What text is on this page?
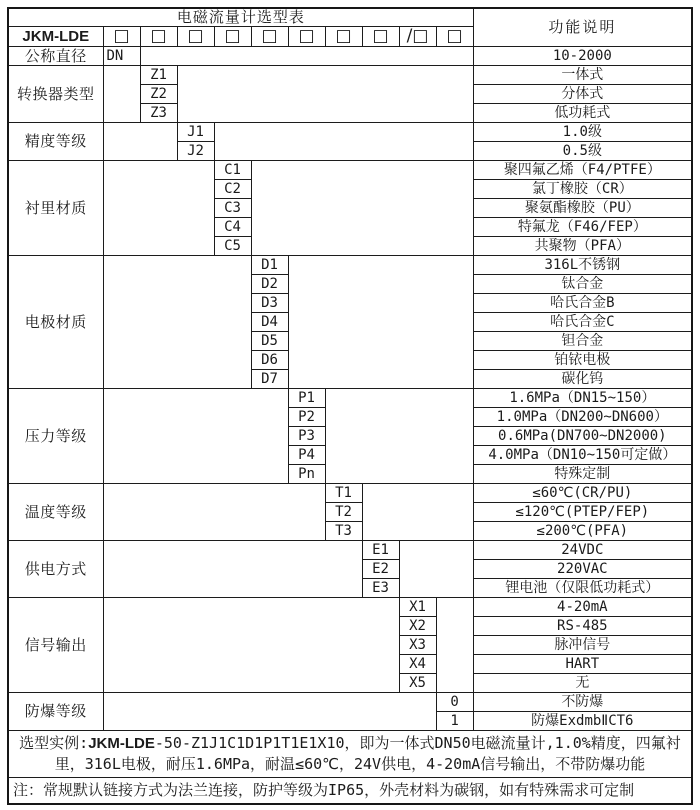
电磁流量计选型表											功能说明
JKM-LDE	□	□	□	□	□	□	□	□	/□	□	
公称直径	DN										10-2000
转换器类型		Z1									一体式
		Z2									分体式
		Z3									低功耗式
精度等级			J1								1.0级
			J2								0.5级
衬里材质				C1							聚四氟乙烯（F4/PTFE）
				C2							氯丁橡胶（CR）
				C3							聚氨酯橡胶（PU）
				C4							特氟龙（F46/FEP）
				C5							共聚物（PFA）
电极材质					D1						316L不锈钢
					D2						钛合金
					D3						哈氏合金B
					D4						哈氏合金C
					D5						钽合金
					D6						铂铱电极
					D7						碳化钨
压力等级						P1					1.6MPa（DN15~150）
						P2					1.0MPa（DN200~DN600）
						P3					0.6MPa(DN700~DN2000)
						P4					4.0MPa（DN10~150可定做）
						Pn					特殊定制
温度等级							T1				≤60℃(CR/PU)
							T2				≤120℃(PTEP/FEP)
							T3				≤200℃(PFA)
供电方式								E1			24VDC
								E2			220VAC
								E3			锂电池（仅限低功耗式）
信号输出									X1		4-20mA
									X2		RS-485
									X3		脉冲信号
									X4		HART
									X5		无
防爆等级										0	不防爆
										1	防爆ExdmbⅡCT6
选型实例:JKM-LDE-50-Z1J1C1D1P1T1E1X10，即为一体式DN50电磁流量计,1.0%精度，四氟衬里，316L电极，耐压1.6MPa，耐温≤60℃，24V供电，4-20mA信号输出，不带防爆功能											
注：常规默认链接方式为法兰连接，防护等级为IP65，外壳材料为碳钢，如有特殊需求可定制											
